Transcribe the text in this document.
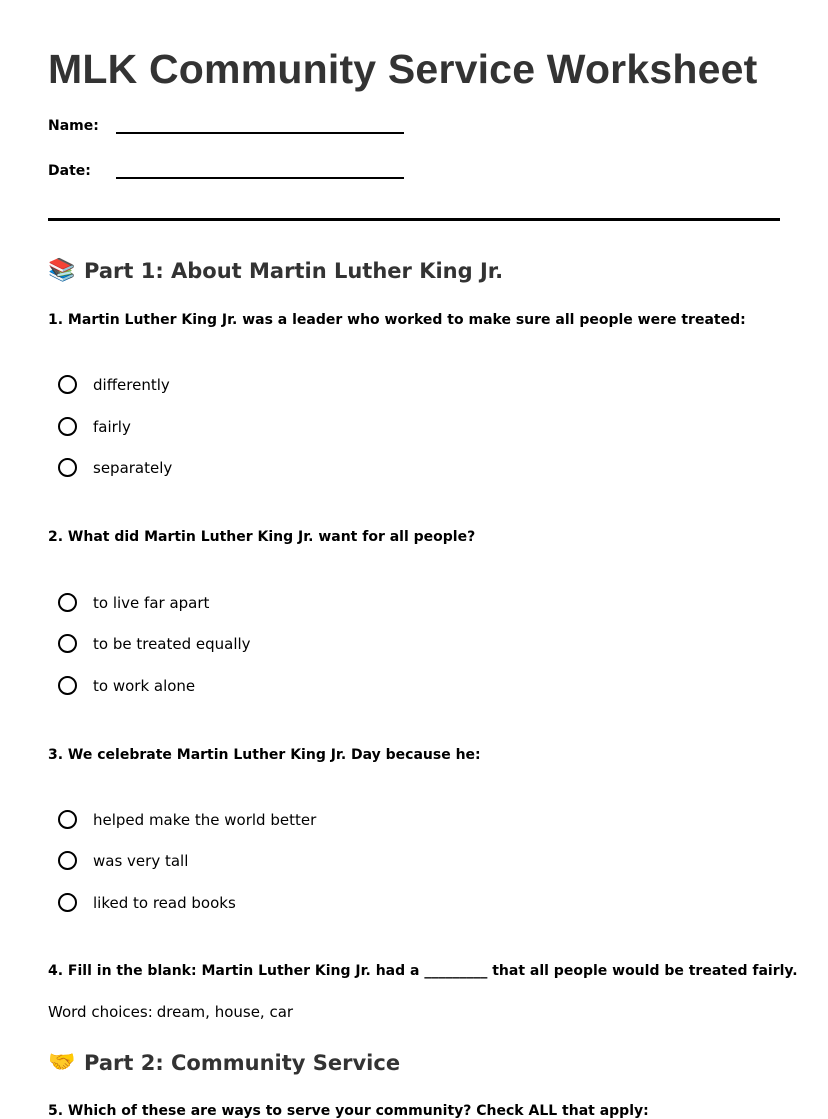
MLK Community Service Worksheet
Name:
Date:
📚 Part 1: About Martin Luther King Jr.
1. Martin Luther King Jr. was a leader who worked to make sure all people were treated:
differently
fairly
separately
2. What did Martin Luther King Jr. want for all people?
to live far apart
to be treated equally
to work alone
3. We celebrate Martin Luther King Jr. Day because he:
helped make the world better
was very tall
liked to read books
4. Fill in the blank: Martin Luther King Jr. had a _________ that all people would be treated fairly.
Word choices: dream, house, car
🤝 Part 2: Community Service
5. Which of these are ways to serve your community? Check ALL that apply:
